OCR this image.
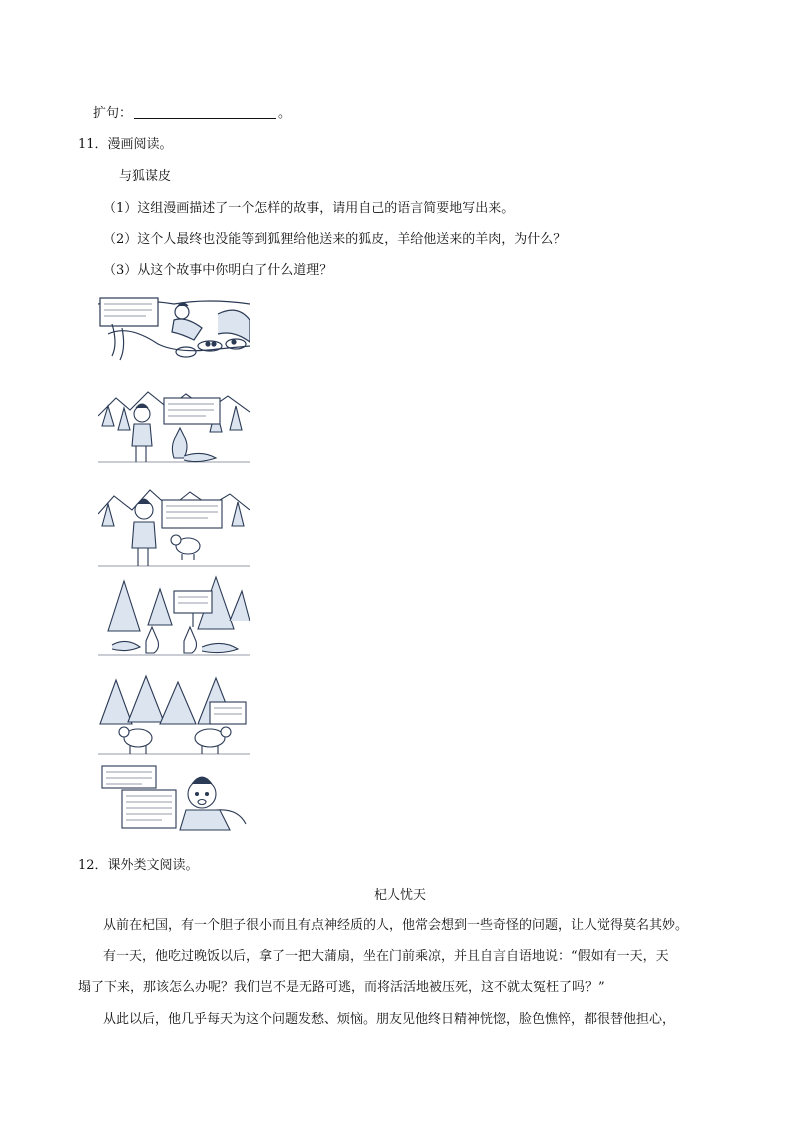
扩句：	。
11．漫画阅读。
与狐谋皮
（1）这组漫画描述了一个怎样的故事，请用自己的语言简要地写出来。
（2）这个人最终也没能等到狐狸给他送来的狐皮，羊给他送来的羊肉，为什么？
（3）从这个故事中你明白了什么道理？
12．课外类文阅读。
杞人忧天
从前在杞国，有一个胆子很小而且有点神经质的人，他常会想到一些奇怪的问题，让人觉得莫名其妙。
有一天，他吃过晚饭以后，拿了一把大蒲扇，坐在门前乘凉，并且自言自语地说：“假如有一天，天
塌了下来，那该怎么办呢？我们岂不是无路可逃，而将活活地被压死，这不就太冤枉了吗？”
从此以后，他几乎每天为这个问题发愁、烦恼。朋友见他终日精神恍惚，脸色憔悴，都很替他担心，
